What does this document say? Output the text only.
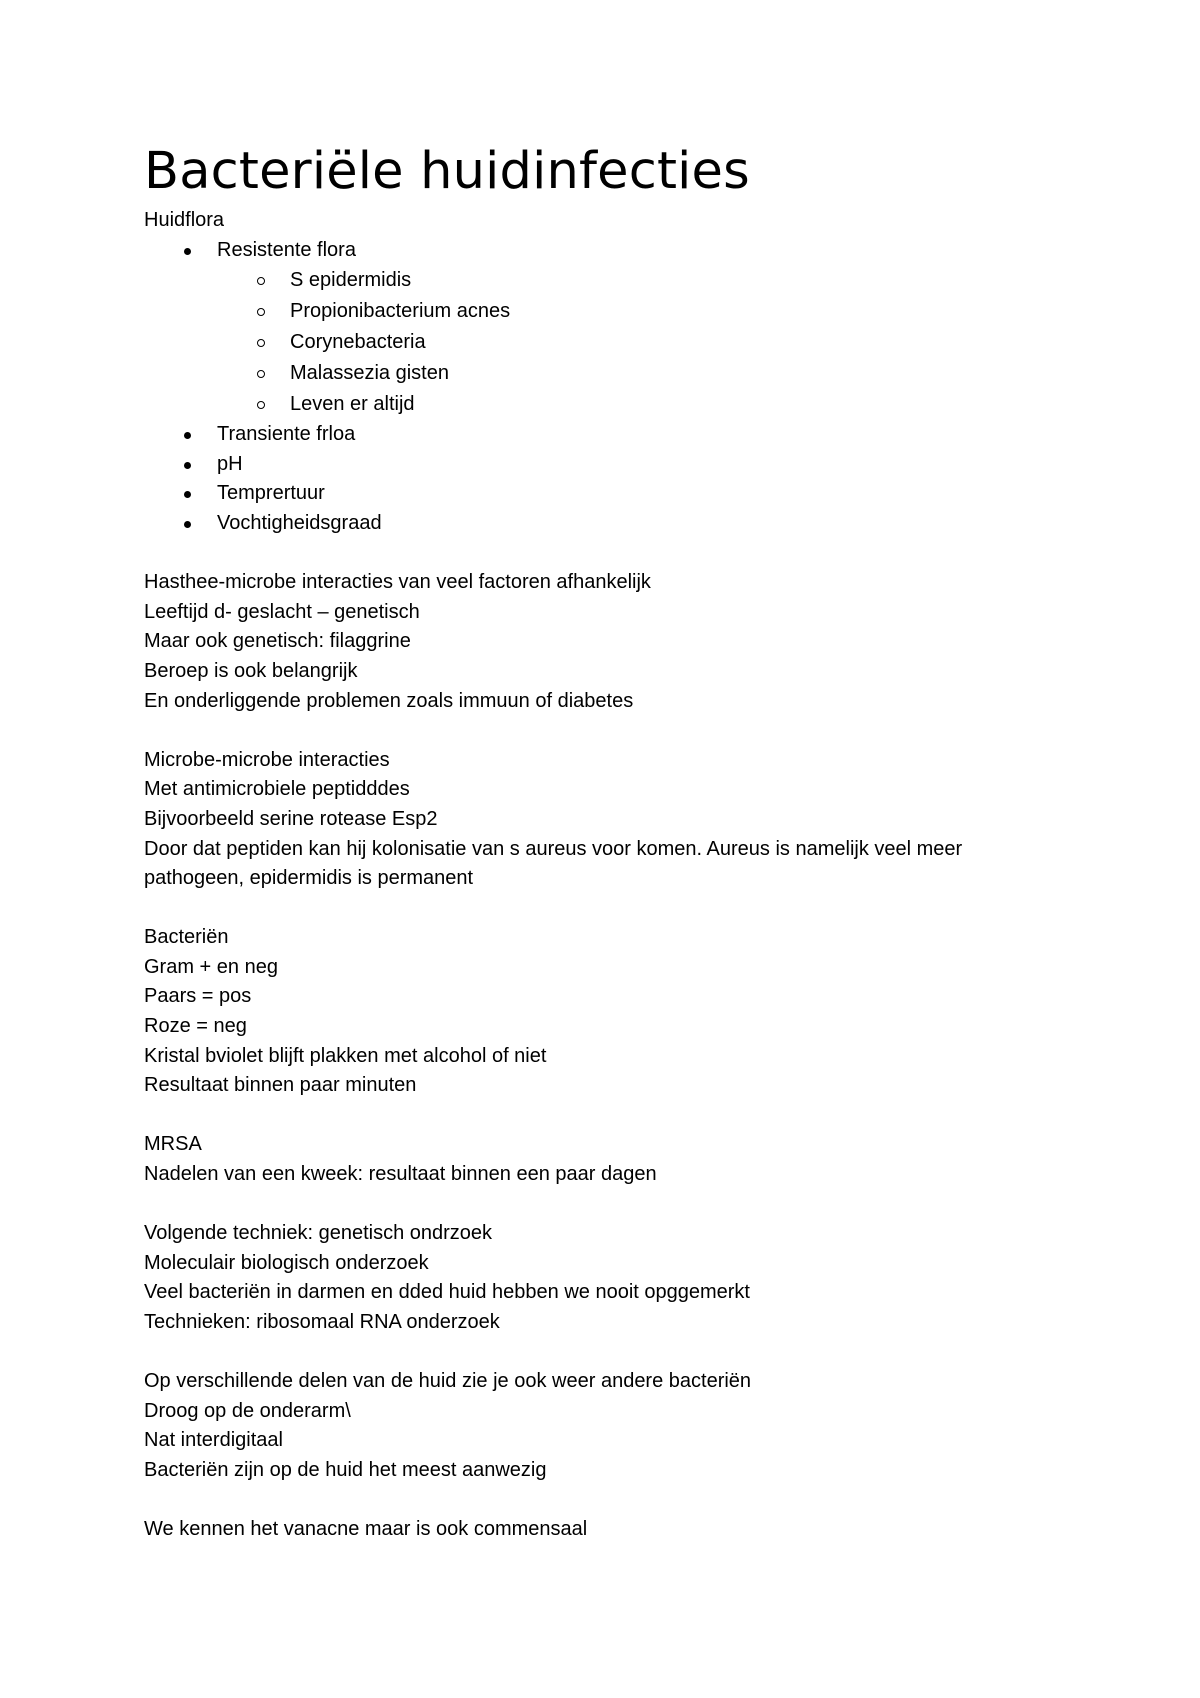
Bacteriële huidinfecties
Huidflora
Resistente flora
S epidermidis
Propionibacterium acnes
Corynebacteria
Malassezia gisten
Leven er altijd
Transiente frloa
pH
Temprertuur
Vochtigheidsgraad
Hasthee-microbe interacties van veel factoren afhankelijk
Leeftijd d- geslacht – genetisch
Maar ook genetisch: filaggrine
Beroep is ook belangrijk
En onderliggende problemen zoals immuun of diabetes
Microbe-microbe interacties
Met antimicrobiele peptidddes
Bijvoorbeeld serine rotease Esp2
Door dat peptiden kan hij kolonisatie van s aureus voor komen. Aureus is namelijk veel meer pathogeen, epidermidis is permanent
Bacteriën
Gram + en neg
Paars = pos
Roze = neg
Kristal bviolet blijft plakken met alcohol of niet
Resultaat binnen paar minuten
MRSA
Nadelen van een kweek: resultaat binnen een paar dagen
Volgende techniek: genetisch ondrzoek
Moleculair biologisch onderzoek
Veel bacteriën in darmen en dded huid hebben we nooit opggemerkt
Technieken: ribosomaal RNA onderzoek
Op verschillende delen van de huid zie je ook weer andere bacteriën
Droog op de onderarm\
Nat interdigitaal
Bacteriën zijn op de huid het meest aanwezig
We kennen het vanacne maar is ook commensaal
